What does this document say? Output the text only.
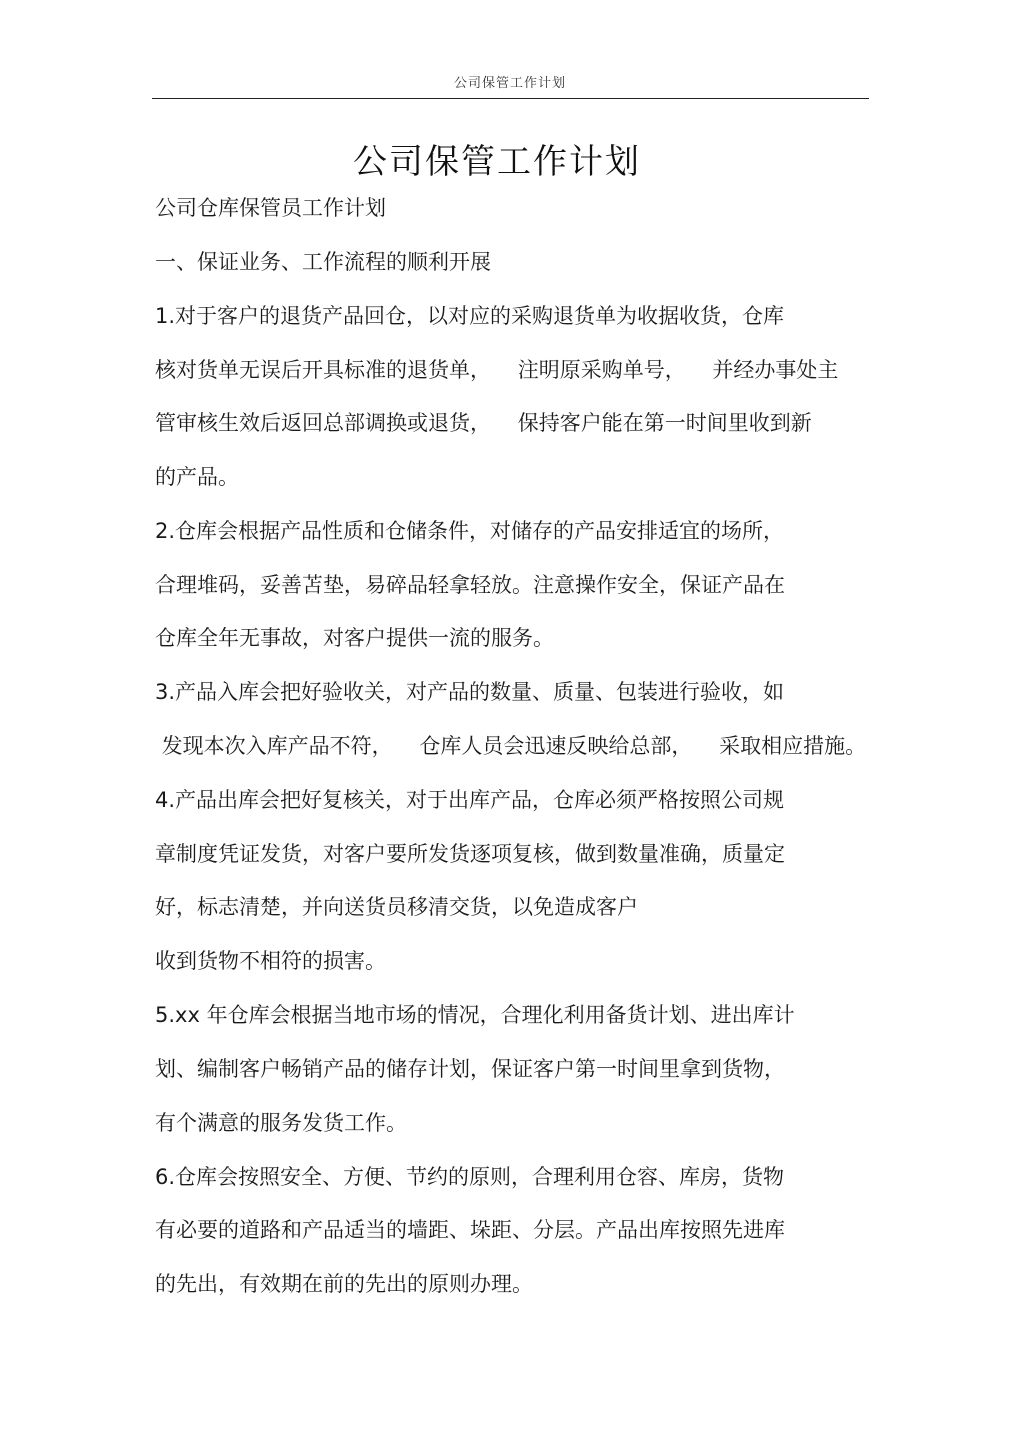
公司保管工作计划
公司保管工作计划
公司仓库保管员工作计划
一、保证业务、工作流程的顺利开展
1.对于客户的退货产品回仓，以对应的采购退货单为收据收货，仓库
核对货单无误后开具标准的退货单，    注明原采购单号，    并经办事处主
管审核生效后返回总部调换或退货，    保持客户能在第一时间里收到新
的产品。
2.仓库会根据产品性质和仓储条件，对储存的产品安排适宜的场所，
合理堆码，妥善苫垫，易碎品轻拿轻放。注意操作安全，保证产品在
仓库全年无事故，对客户提供一流的服务。
3.产品入库会把好验收关，对产品的数量、质量、包装进行验收，如
发现本次入库产品不符，    仓库人员会迅速反映给总部，    采取相应措施。
4.产品出库会把好复核关，对于出库产品，仓库必须严格按照公司规
章制度凭证发货，对客户要所发货逐项复核，做到数量准确，质量定
好，标志清楚，并向送货员移清交货，以免造成客户
收到货物不相符的损害。
5.xx 年仓库会根据当地市场的情况，合理化利用备货计划、进出库计
划、编制客户畅销产品的储存计划，保证客户第一时间里拿到货物，
有个满意的服务发货工作。
6.仓库会按照安全、方便、节约的原则，合理利用仓容、库房，货物
有必要的道路和产品适当的墙距、垛距、分层。产品出库按照先进库
的先出，有效期在前的先出的原则办理。
